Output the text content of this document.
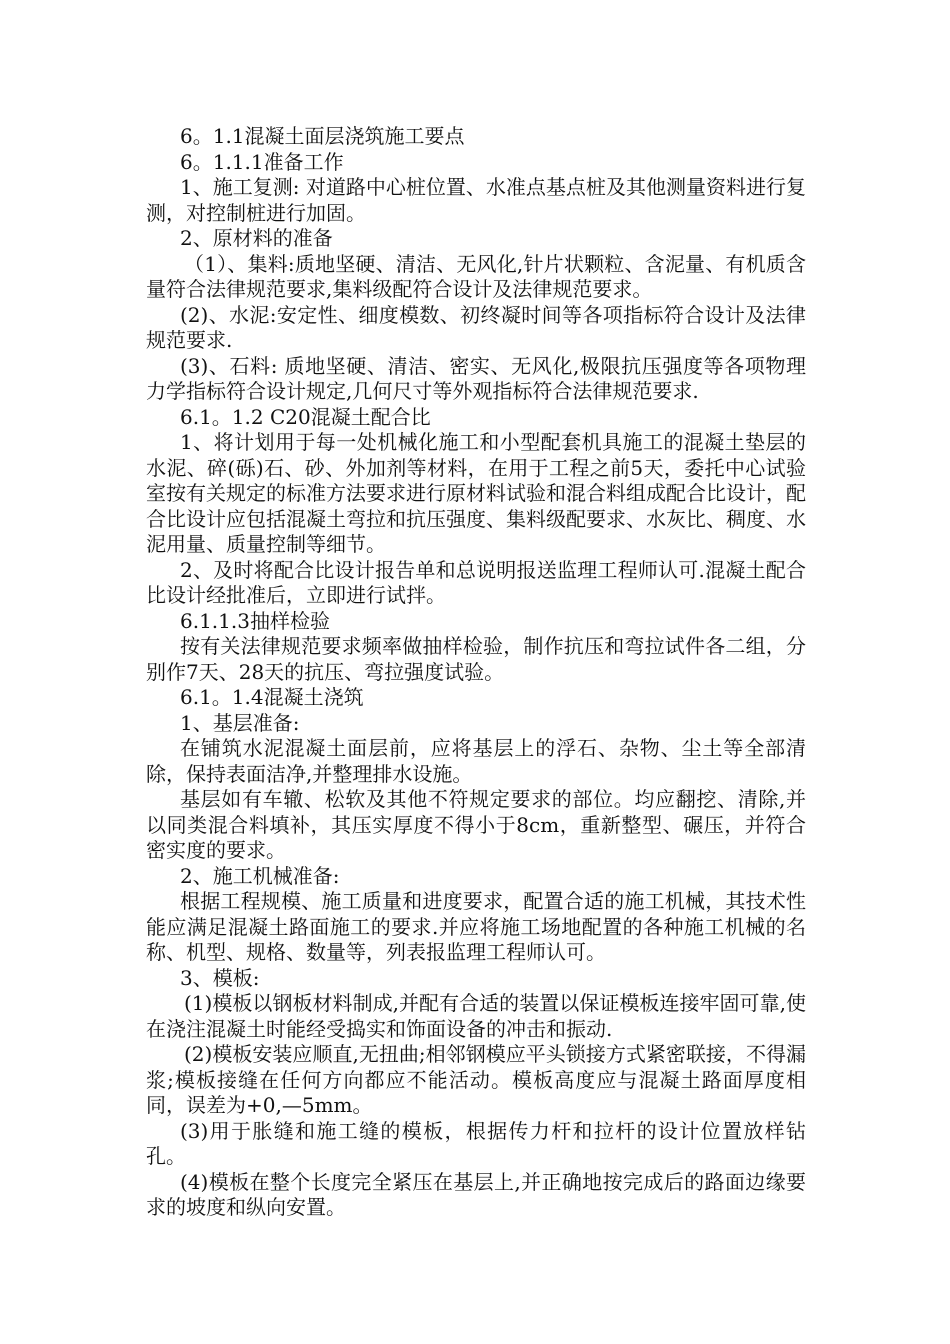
6。1.1混凝土面层浇筑施工要点

6。1.1.1准备工作

1、施工复测: 对道路中心桩位置、水准点基点桩及其他测量资料进行复测，对控制桩进行加固。

2、原材料的准备

（1）、集料:质地坚硬、清洁、无风化,针片状颗粒、含泥量、有机质含量符合法律规范要求,集料级配符合设计及法律规范要求。

(2)、水泥:安定性、细度模数、初终凝时间等各项指标符合设计及法律规范要求.

(3)、石料: 质地坚硬、清洁、密实、无风化,极限抗压强度等各项物理力学指标符合设计规定,几何尺寸等外观指标符合法律规范要求.

6.1。1.2 C20混凝土配合比

1、将计划用于每一处机械化施工和小型配套机具施工的混凝土垫层的水泥、碎(砾)石、砂、外加剂等材料，在用于工程之前5天，委托中心试验室按有关规定的标准方法要求进行原材料试验和混合料组成配合比设计，配合比设计应包括混凝土弯拉和抗压强度、集料级配要求、水灰比、稠度、水泥用量、质量控制等细节。

2、及时将配合比设计报告单和总说明报送监理工程师认可.混凝土配合比设计经批准后，立即进行试拌。

6.1.1.3抽样检验

按有关法律规范要求频率做抽样检验，制作抗压和弯拉试件各二组，分别作7天、28天的抗压、弯拉强度试验。

6.1。1.4混凝土浇筑

1、基层准备:

在铺筑水泥混凝土面层前，应将基层上的浮石、杂物、尘土等全部清除，保持表面洁净,并整理排水设施。

基层如有车辙、松软及其他不符规定要求的部位。均应翻挖、清除,并以同类混合料填补，其压实厚度不得小于8cm，重新整型、碾压，并符合密实度的要求。

2、施工机械准备:

根据工程规模、施工质量和进度要求，配置合适的施工机械，其技术性能应满足混凝土路面施工的要求.并应将施工场地配置的各种施工机械的名称、机型、规格、数量等，列表报监理工程师认可。

3、模板:

(1)模板以钢板材料制成,并配有合适的装置以保证模板连接牢固可靠,使在浇注混凝土时能经受捣实和饰面设备的冲击和振动.

(2)模板安装应顺直,无扭曲;相邻钢模应平头锁接方式紧密联接，不得漏浆;模板接缝在任何方向都应不能活动。模板高度应与混凝土路面厚度相同，误差为+0,—5mm。

(3)用于胀缝和施工缝的模板，根据传力杆和拉杆的设计位置放样钻孔。

(4)模板在整个长度完全紧压在基层上,并正确地按完成后的路面边缘要求的坡度和纵向安置。
